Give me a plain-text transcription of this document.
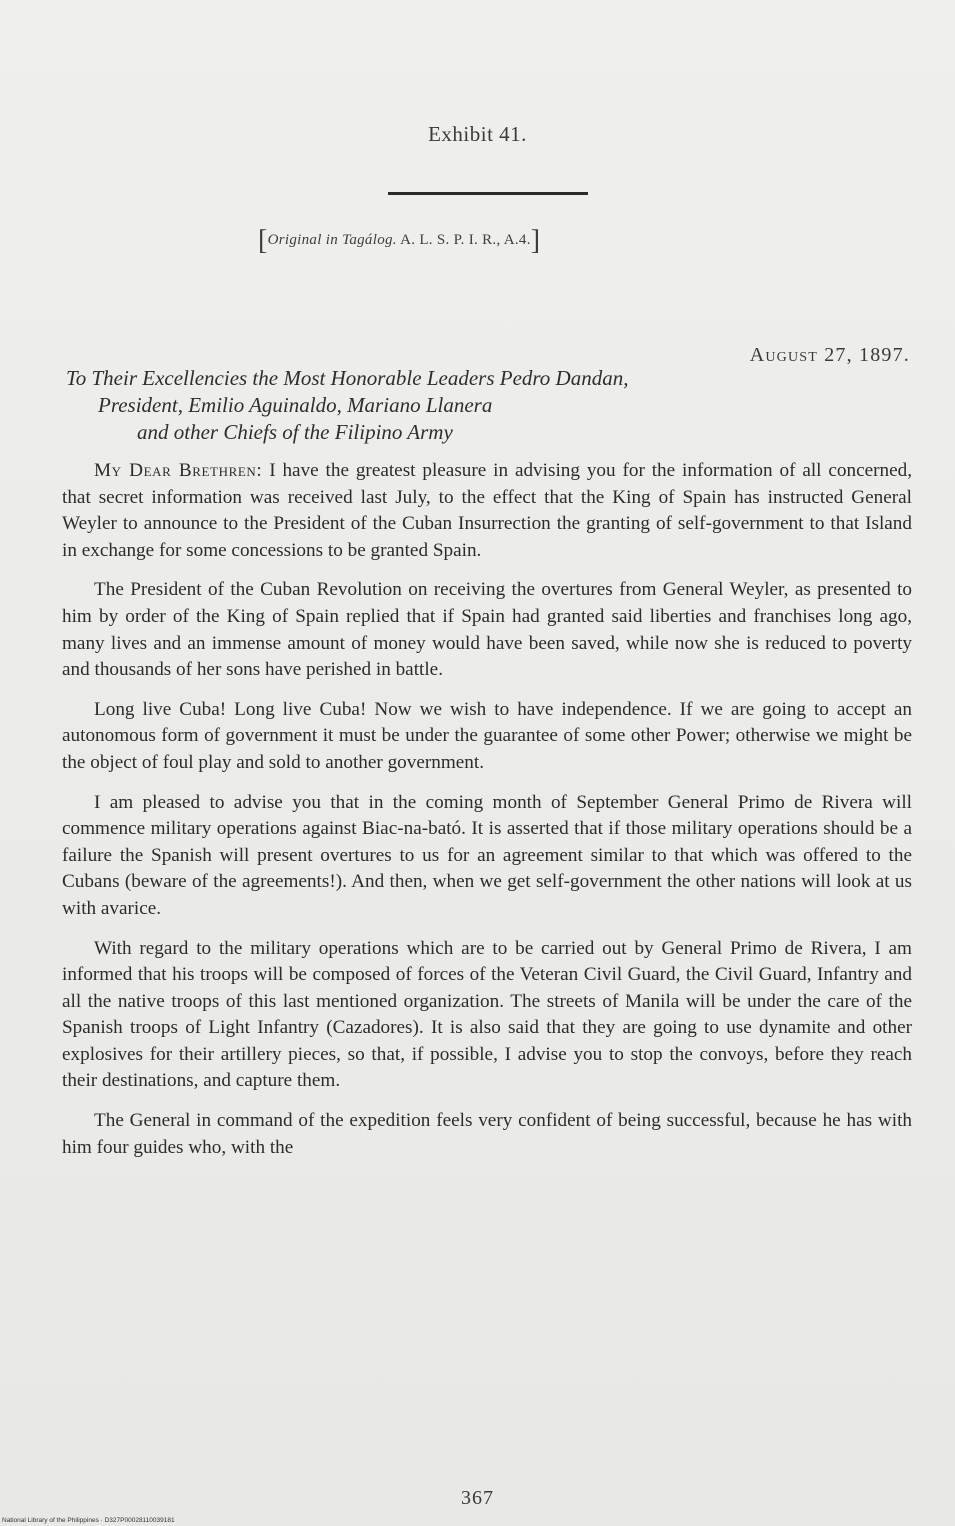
Exhibit 41.
[Original in Tagálog. A. L. S. P. I. R., A.4.]
August 27, 1897.
To Their Excellencies the Most Honorable Leaders Pedro Dandan,
President, Emilio Aguinaldo, Mariano Llanera
and other Chiefs of the Filipino Army

My Dear Brethren: I have the greatest pleasure in advising you for the information of all concerned, that secret information was received last July, to the effect that the King of Spain has instructed General Weyler to announce to the President of the Cuban Insurrection the granting of self-government to that Island in exchange for some concessions to be granted Spain.

The President of the Cuban Revolution on receiving the overtures from General Weyler, as presented to him by order of the King of Spain replied that if Spain had granted said liberties and franchises long ago, many lives and an immense amount of money would have been saved, while now she is reduced to poverty and thousands of her sons have perished in battle.

Long live Cuba! Long live Cuba! Now we wish to have independence. If we are going to accept an autonomous form of government it must be under the guarantee of some other Power; otherwise we might be the object of foul play and sold to another government.

I am pleased to advise you that in the coming month of September General Primo de Rivera will commence military operations against Biac-na-bató. It is asserted that if those military operations should be a failure the Spanish will present overtures to us for an agreement similar to that which was offered to the Cubans (beware of the agreements!). And then, when we get self-government the other nations will look at us with avarice.

With regard to the military operations which are to be carried out by General Primo de Rivera, I am informed that his troops will be composed of forces of the Veteran Civil Guard, the Civil Guard, Infantry and all the native troops of this last mentioned organization. The streets of Manila will be under the care of the Spanish troops of Light Infantry (Cazadores). It is also said that they are going to use dynamite and other explosives for their artillery pieces, so that, if possible, I advise you to stop the convoys, before they reach their destinations, and capture them.

The General in command of the expedition feels very confident of being successful, because he has with him four guides who, with the

367
National Library of the Philippines · D327P00028110039181
